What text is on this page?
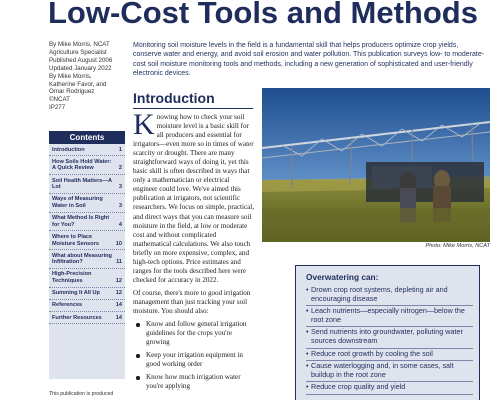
Low-Cost Tools and Methods
By Mike Morris, NCAT
Agriculture Specialist
Published August 2006
Updated January 2022
By Mike Morris,
Katherine Favor, and
Omar Rodriguez
©NCAT
IP277
Contents
Introduction	1
How Soils Hold Water: A Quick Review	2
Soil Health Matters—A Lot	3
Ways of Measuring Water in Soil	3
What Method Is Right for You?	4
Where to Place Moisture Sensors	10
What about Measuring Infiltration?	11
High-Precision Techniques	12
Summing It All Up	12
References	14
Further Resources	14
This publication is produced
Monitoring soil moisture levels in the field is a fundamental skill that helps producers optimize crop yields, conserve water and energy, and avoid soil erosion and water pollution. This publication surveys low- to moderate-cost soil moisture monitoring tools and methods, including a new generation of sophisticated and user-friendly electronic devices.
Introduction

Knowing how to check your soil moisture level is a basic skill for all producers and essential for irrigators—even more so in times of water scarcity or drought. There are many straightforward ways of doing it, yet this basic skill is often described in ways that only a mathematician or electrical engineer could love. We've aimed this publication at irrigators, not scientific researchers. We focus on simple, practical, and direct ways that you can measure soil moisture in the field, at low or moderate cost and without complicated mathematical calculations. We also touch briefly on more expensive, complex, and high-tech options. Price estimates and ranges for the tools described here were checked for accuracy in 2022.

Of course, there's more to good irrigation management than just tracking your soil moisture. You should also:

Know and follow general irrigation guidelines for the crops you're growing
Keep your irrigation equipment in good working order
Know how much irrigation water you're applying
Photo: Mike Morris, NCAT
Overwatering can:
• Drown crop root systems, depleting air and encouraging disease
• Leach nutrients—especially nitrogen—below the root zone
• Send nutrients into groundwater, polluting water sources downstream
• Reduce root growth by cooling the soil
• Cause waterlogging and, in some cases, salt buildup in the root zone
• Reduce crop quality and yield
